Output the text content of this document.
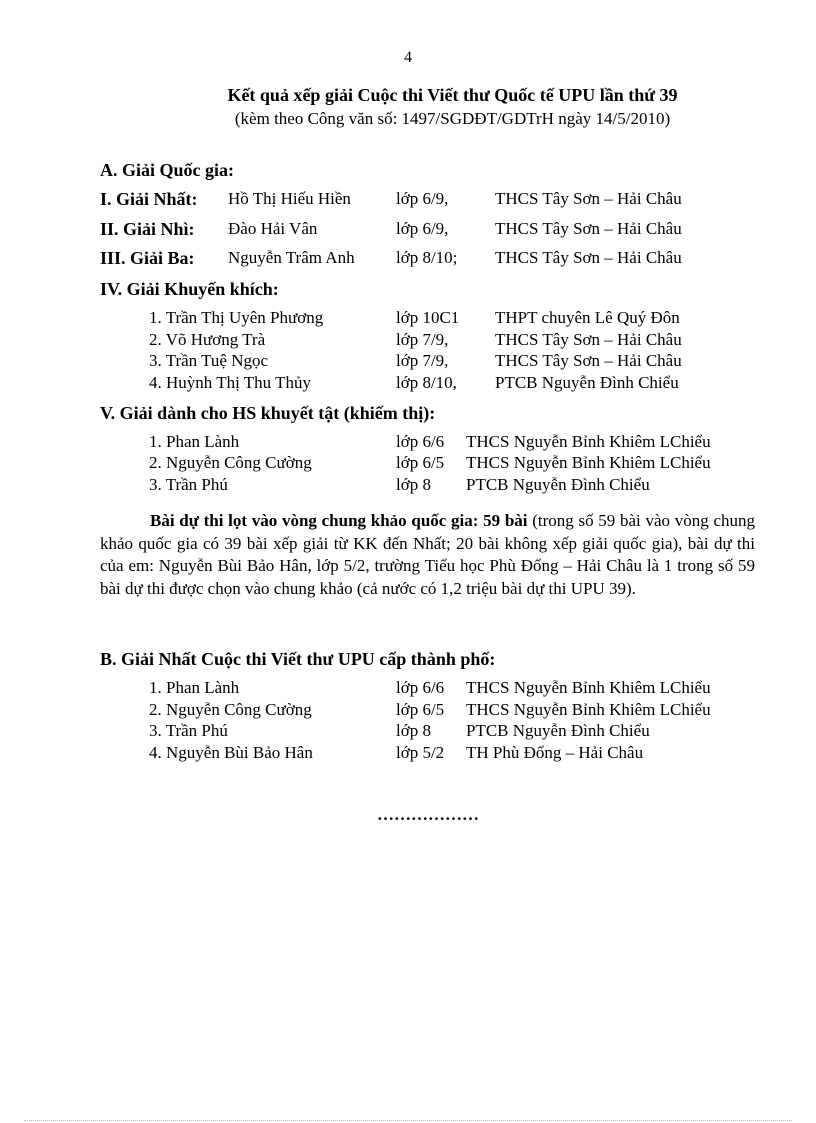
4
Kết quả xếp giải Cuộc thi Viết thư Quốc tế UPU lần thứ 39
(kèm theo Công văn số: 1497/SGDĐT/GDTrH ngày 14/5/2010)
A. Giải Quốc gia:
I. Giải Nhất: Hồ Thị Hiếu Hiền	lớp 6/9,	THCS Tây Sơn – Hải Châu
II. Giải Nhì: Đào Hải Vân	lớp 6/9,	THCS Tây Sơn – Hải Châu
III. Giải Ba: Nguyễn Trâm Anh lớp 8/10; THCS Tây Sơn – Hải Châu
IV. Giải Khuyến khích:
1. Trần Thị Uyên Phương	lớp 10C1 THPT chuyên Lê Quý Đôn
2. Võ Hương Trà	lớp 7/9,	THCS Tây Sơn – Hải Châu
3. Trần Tuệ Ngọc	lớp 7/9,	THCS Tây Sơn – Hải Châu
4. Huỳnh Thị Thu Thủy	lớp 8/10, PTCB Nguyễn Đình Chiểu
V. Giải dành cho HS khuyết tật (khiếm thị):
1. Phan Lành	lớp 6/6 THCS Nguyễn Bỉnh Khiêm LChiểu
2. Nguyễn Công Cường	lớp 6/5 THCS Nguyễn Bỉnh Khiêm LChiểu
3. Trần Phú	lớp 8 PTCB Nguyễn Đình Chiểu

Bài dự thi lọt vào vòng chung khảo quốc gia: 59 bài (trong số 59 bài vào vòng chung khảo quốc gia có 39 bài xếp giải từ KK đến Nhất; 20 bài không xếp giải quốc gia), bài dự thi của em: Nguyễn Bùi Bảo Hân, lớp 5/2, trường Tiểu học Phù Đổng – Hải Châu là 1 trong số 59 bài dự thi được chọn vào chung khảo (cả nước có 1,2 triệu bài dự thi UPU 39).

B. Giải Nhất Cuộc thi Viết thư UPU cấp thành phố:
1. Phan Lành	lớp 6/6 THCS Nguyễn Bỉnh Khiêm LChiểu
2. Nguyễn Công Cường	lớp 6/5 THCS Nguyễn Bỉnh Khiêm LChiểu
3. Trần Phú	lớp 8 PTCB Nguyễn Đình Chiểu
4. Nguyễn Bùi Bảo Hân	lớp 5/2 TH Phù Đổng – Hải Châu
………………
